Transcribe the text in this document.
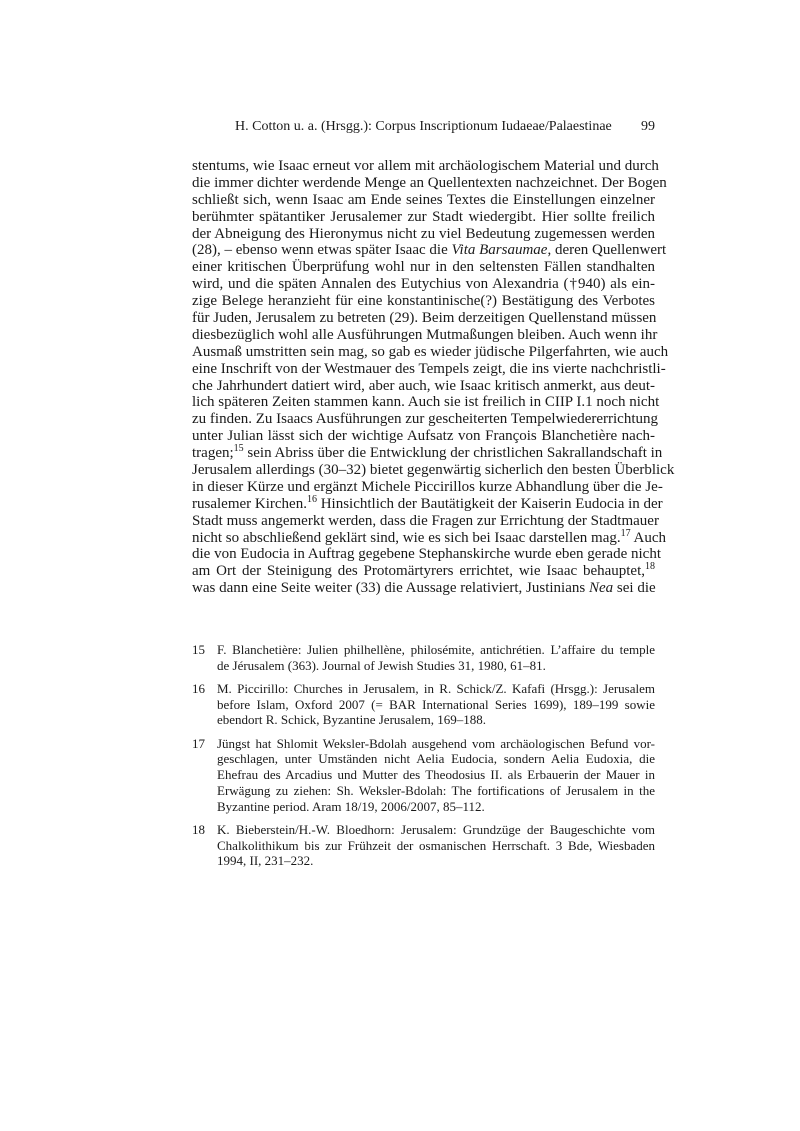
H. Cotton u. a. (Hrsgg.): Corpus Inscriptionum Iudaeae/Palaestinae 99
stentums, wie Isaac erneut vor allem mit archäologischem Material und durch
die immer dichter werdende Menge an Quellentexten nachzeichnet. Der Bogen
schließt sich, wenn Isaac am Ende seines Textes die Einstellungen einzelner
berühmter spätantiker Jerusalemer zur Stadt wiedergibt. Hier sollte freilich
der Abneigung des Hieronymus nicht zu viel Bedeutung zugemessen werden
(28), – ebenso wenn etwas später Isaac die Vita Barsaumae, deren Quellenwert
einer kritischen Überprüfung wohl nur in den seltensten Fällen standhalten
wird, und die späten Annalen des Eutychius von Alexandria (†940) als ein-
zige Belege heranzieht für eine konstantinische(?) Bestätigung des Verbotes
für Juden, Jerusalem zu betreten (29). Beim derzeitigen Quellenstand müssen
diesbezüglich wohl alle Ausführungen Mutmaßungen bleiben. Auch wenn ihr
Ausmaß umstritten sein mag, so gab es wieder jüdische Pilgerfahrten, wie auch
eine Inschrift von der Westmauer des Tempels zeigt, die ins vierte nachchristli-
che Jahrhundert datiert wird, aber auch, wie Isaac kritisch anmerkt, aus deut-
lich späteren Zeiten stammen kann. Auch sie ist freilich in CIIP I.1 noch nicht
zu finden. Zu Isaacs Ausführungen zur gescheiterten Tempelwiedererrichtung
unter Julian lässt sich der wichtige Aufsatz von François Blanchetière nach-
tragen;$^{15}$ sein Abriss über die Entwicklung der christlichen Sakrallandschaft in
Jerusalem allerdings (30–32) bietet gegenwärtig sicherlich den besten Überblick
in dieser Kürze und ergänzt Michele Piccirillos kurze Abhandlung über die Je-
rusalemer Kirchen.$^{16}$ Hinsichtlich der Bautätigkeit der Kaiserin Eudocia in der
Stadt muss angemerkt werden, dass die Fragen zur Errichtung der Stadtmauer
nicht so abschließend geklärt sind, wie es sich bei Isaac darstellen mag.$^{17}$ Auch
die von Eudocia in Auftrag gegebene Stephanskirche wurde eben gerade nicht
am Ort der Steinigung des Protomärtyrers errichtet, wie Isaac behauptet,$^{18}$
was dann eine Seite weiter (33) die Aussage relativiert, Justinians Nea sei die
15 F. Blanchetière: Julien philhellène, philosémite, antichrétien. L’affaire du temple
de Jérusalem (363). Journal of Jewish Studies 31, 1980, 61–81.
16 M. Piccirillo: Churches in Jerusalem, in R. Schick/Z. Kafafi (Hrsgg.): Jerusalem
before Islam, Oxford 2007 (= BAR International Series 1699), 189–199 sowie
ebendort R. Schick, Byzantine Jerusalem, 169–188.
17 Jüngst hat Shlomit Weksler-Bdolah ausgehend vom archäologischen Befund vor-
geschlagen, unter Umständen nicht Aelia Eudocia, sondern Aelia Eudoxia, die
Ehefrau des Arcadius und Mutter des Theodosius II. als Erbauerin der Mauer in
Erwägung zu ziehen: Sh. Weksler-Bdolah: The fortifications of Jerusalem in the
Byzantine period. Aram 18/19, 2006/2007, 85–112.
18 K. Bieberstein/H.-W. Bloedhorn: Jerusalem: Grundzüge der Baugeschichte vom
Chalkolithikum bis zur Frühzeit der osmanischen Herrschaft. 3 Bde, Wiesbaden
1994, II, 231–232.
